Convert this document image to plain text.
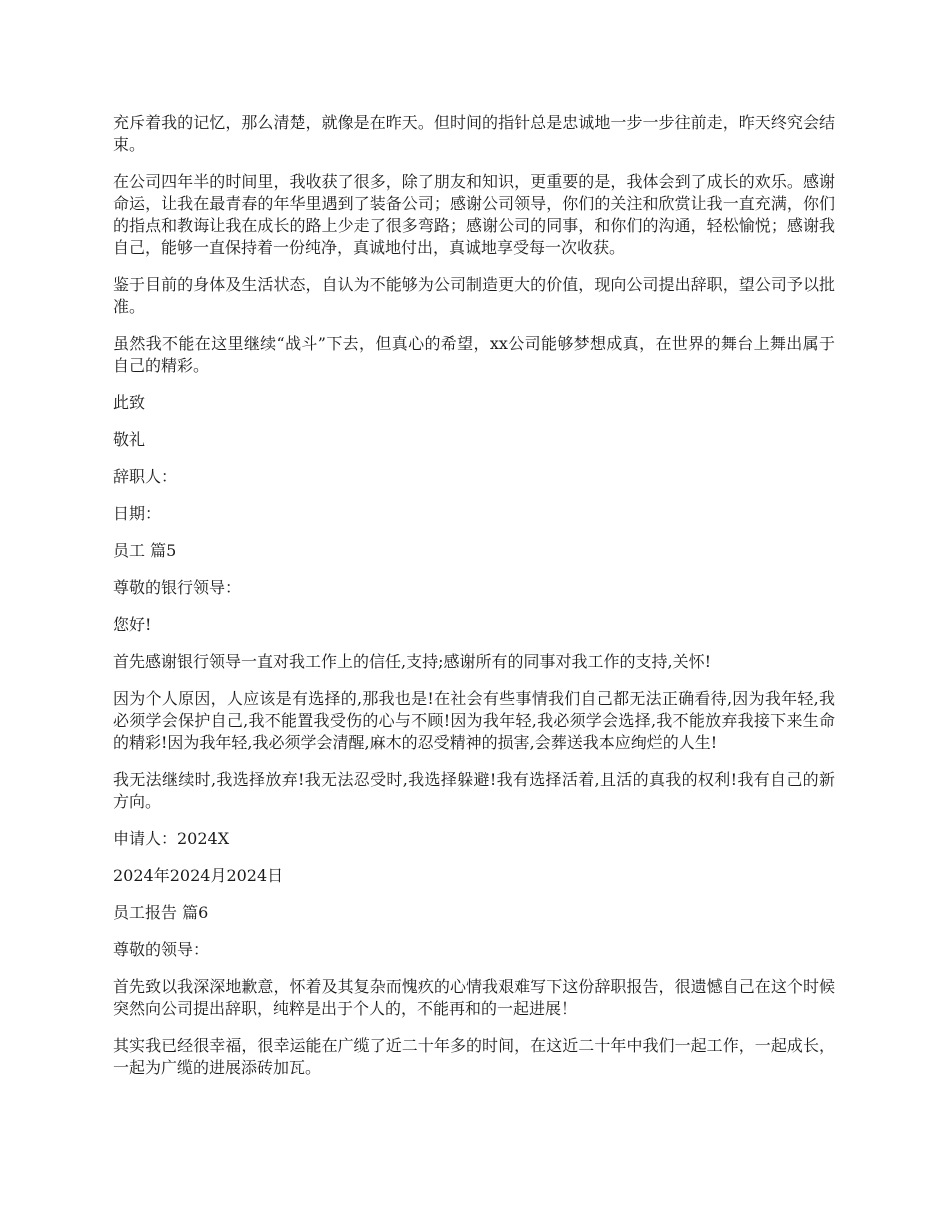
充斥着我的记忆，那么清楚，就像是在昨天。但时间的指针总是忠诚地一步一步往前走，昨天终究会结束。

在公司四年半的时间里，我收获了很多，除了朋友和知识，更重要的是，我体会到了成长的欢乐。感谢命运，让我在最青春的年华里遇到了装备公司；感谢公司领导，你们的关注和欣赏让我一直充满，你们的指点和教诲让我在成长的路上少走了很多弯路；感谢公司的同事，和你们的沟通，轻松愉悦；感谢我自己，能够一直保持着一份纯净，真诚地付出，真诚地享受每一次收获。

鉴于目前的身体及生活状态，自认为不能够为公司制造更大的价值，现向公司提出辞职，望公司予以批准。

虽然我不能在这里继续“战斗”下去，但真心的希望，xx公司能够梦想成真，在世界的舞台上舞出属于自己的精彩。

此致

敬礼

辞职人：

日期：

员工 篇5

尊敬的银行领导：

您好!

首先感谢银行领导一直对我工作上的信任,支持;感谢所有的同事对我工作的支持,关怀!

因为个人原因，人应该是有选择的,那我也是!在社会有些事情我们自己都无法正确看待,因为我年轻,我必须学会保护自己,我不能置我受伤的心与不顾!因为我年轻,我必须学会选择,我不能放弃我接下来生命的精彩!因为我年轻,我必须学会清醒,麻木的忍受精神的损害,会葬送我本应绚烂的人生!

我无法继续时,我选择放弃!我无法忍受时,我选择躲避!我有选择活着,且活的真我的权利!我有自己的新方向。

申请人：2024X

2024年2024月2024日

员工报告 篇6

尊敬的领导：

首先致以我深深地歉意，怀着及其复杂而愧疚的心情我艰难写下这份辞职报告，很遗憾自己在这个时候突然向公司提出辞职，纯粹是出于个人的，不能再和的一起进展！

其实我已经很幸福，很幸运能在广缆了近二十年多的时间，在这近二十年中我们一起工作，一起成长，一起为广缆的进展添砖加瓦。
